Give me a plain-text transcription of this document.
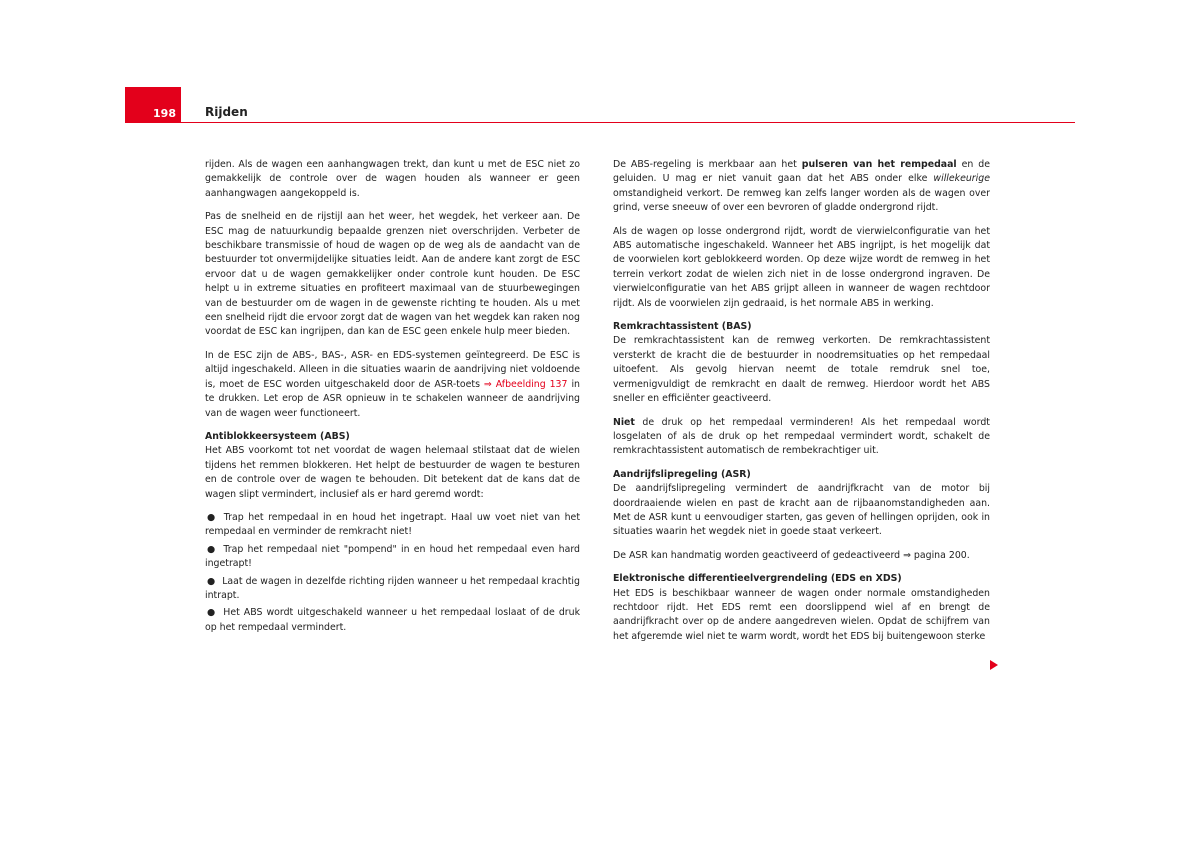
198 Rijden

rijden. Als de wagen een aanhangwagen trekt, dan kunt u met de ESC niet zo gemakkelijk de controle over de wagen houden als wanneer er geen aanhangwagen aangekoppeld is.

Pas de snelheid en de rijstijl aan het weer, het wegdek, het verkeer aan. De ESC mag de natuurkundig bepaalde grenzen niet overschrijden. Verbeter de beschikbare transmissie of houd de wagen op de weg als de aandacht van de bestuurder tot onvermijdelijke situaties leidt. Aan de andere kant zorgt de ESC ervoor dat u de wagen gemakkelijker onder controle kunt houden. De ESC helpt u in extreme situaties en profiteert maximaal van de stuurbewegingen van de bestuurder om de wagen in de gewenste richting te houden. Als u met een snelheid rijdt die ervoor zorgt dat de wagen van het wegdek kan raken nog voordat de ESC kan ingrijpen, dan kan de ESC geen enkele hulp meer bieden.

In de ESC zijn de ABS-, BAS-, ASR- en EDS-systemen geïntegreerd. De ESC is altijd ingeschakeld. Alleen in die situaties waarin de aandrijving niet voldoende is, moet de ESC worden uitgeschakeld door de ASR-toets ⇒ Afbeelding 137 in te drukken. Let erop de ASR opnieuw in te schakelen wanneer de aandrijving van de wagen weer functioneert.

Antiblokkeersysteem (ABS)

Het ABS voorkomt tot net voordat de wagen helemaal stilstaat dat de wielen tijdens het remmen blokkeren. Het helpt de bestuurder de wagen te besturen en de controle over de wagen te behouden. Dit betekent dat de kans dat de wagen slipt vermindert, inclusief als er hard geremd wordt:

● Trap het rempedaal in en houd het ingetrapt. Haal uw voet niet van het rempedaal en verminder de remkracht niet!
● Trap het rempedaal niet "pompend" in en houd het rempedaal even hard ingetrapt!
● Laat de wagen in dezelfde richting rijden wanneer u het rempedaal krachtig intrapt.
● Het ABS wordt uitgeschakeld wanneer u het rempedaal loslaat of de druk op het rempedaal vermindert.

De ABS-regeling is merkbaar aan het pulseren van het rempedaal en de geluiden. U mag er niet vanuit gaan dat het ABS onder elke willekeurige omstandigheid verkort. De remweg kan zelfs langer worden als de wagen over grind, verse sneeuw of over een bevroren of gladde ondergrond rijdt.

Als de wagen op losse ondergrond rijdt, wordt de vierwielconfiguratie van het ABS automatische ingeschakeld. Wanneer het ABS ingrijpt, is het mogelijk dat de voorwielen kort geblokkeerd worden. Op deze wijze wordt de remweg in het terrein verkort zodat de wielen zich niet in de losse ondergrond ingraven. De vierwielconfiguratie van het ABS grijpt alleen in wanneer de wagen rechtdoor rijdt. Als de voorwielen zijn gedraaid, is het normale ABS in werking.

Remkrachtassistent (BAS)

De remkrachtassistent kan de remweg verkorten. De remkrachtassistent versterkt de kracht die de bestuurder in noodremsituaties op het rempedaal uitoefent. Als gevolg hiervan neemt de totale remdruk snel toe, vermenigvuldigt de remkracht en daalt de remweg. Hierdoor wordt het ABS sneller en efficiënter geactiveerd.

Niet de druk op het rempedaal verminderen! Als het rempedaal wordt losgelaten of als de druk op het rempedaal vermindert wordt, schakelt de remkrachtassistent automatisch de rembekrachtiger uit.

Aandrijfslipregeling (ASR)

De aandrijfslipregeling vermindert de aandrijfkracht van de motor bij doordraaiende wielen en past de kracht aan de rijbaanomstandigheden aan. Met de ASR kunt u eenvoudiger starten, gas geven of hellingen oprijden, ook in situaties waarin het wegdek niet in goede staat verkeert.

De ASR kan handmatig worden geactiveerd of gedeactiveerd ⇒ pagina 200.

Elektronische differentieelvergrendeling (EDS en XDS)

Het EDS is beschikbaar wanneer de wagen onder normale omstandigheden rechtdoor rijdt. Het EDS remt een doorslippend wiel af en brengt de aandrijfkracht over op de andere aangedreven wielen. Opdat de schijfrem van het afgeremde wiel niet te warm wordt, wordt het EDS bij buitengewoon sterke
